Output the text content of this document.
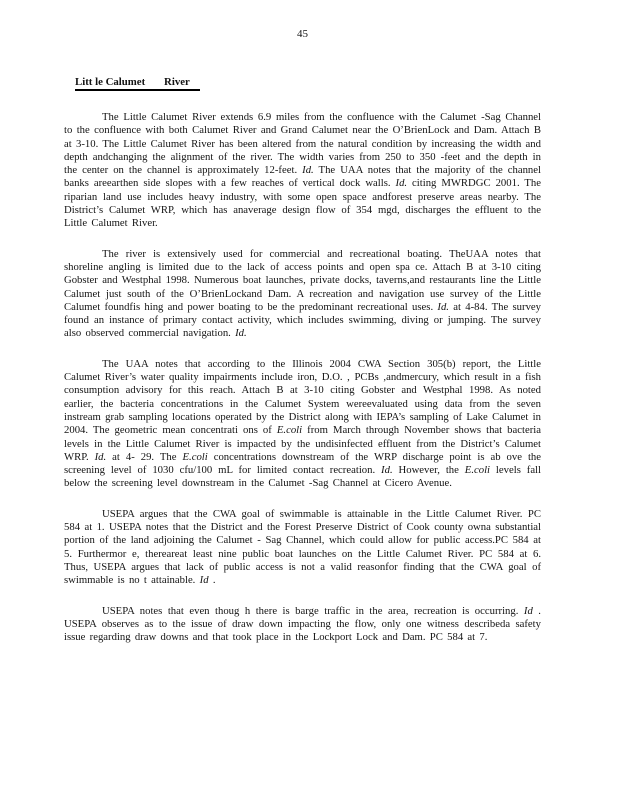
45
Litt le Calumet       River

The Little Calumet River extends 6.9 miles from the confluence with the Calumet -Sag Channel to the confluence with both Calumet River and Grand Calumet near the O’BrienLock and Dam. Attach B at 3-10. The Little Calumet River has been altered from the natural condition by increasing the width and depth andchanging the alignment of the river. The width varies from 250 to 350 -feet and the depth in the center on the channel is approximately 12-feet. Id. The UAA notes that the majority of the channel banks areearthen side slopes with a few reaches of vertical dock walls. Id. citing MWRDGC 2001. The riparian land use includes heavy industry, with some open space andforest preserve areas nearby. The District’s Calumet WRP, which has anaverage design flow of 354 mgd, discharges the effluent to the Little Calumet River.

The river is extensively used for commercial and recreational boating. TheUAA notes that shoreline angling is limited due to the lack of access points and open spa ce. Attach B at 3-10 citing Gobster and Westphal 1998. Numerous boat launches, private docks, taverns,and restaurants line the Little Calumet just south of the O’BrienLockand Dam. A recreation and navigation use survey of the Little Calumet foundfis hing and power boating to be the predominant recreational uses. Id. at 4-84. The survey found an instance of primary contact activity, which includes swimming, diving or jumping. The survey also observed commercial navigation. Id.

The UAA notes that according to the Illinois 2004 CWA Section 305(b) report, the Little Calumet River’s water quality impairments include iron, D.O. , PCBs ,andmercury, which result in a fish consumption advisory for this reach. Attach B at 3-10 citing Gobster and Westphal 1998. As noted earlier, the bacteria concentrations in the Calumet System wereevaluated using data from the seven instream grab sampling locations operated by the District along with IEPA’s sampling of Lake Calumet in 2004. The geometric mean concentrati ons of E.coli from March through November shows that bacteria levels in the Little Calumet River is impacted by the undisinfected effluent from the District’s Calumet WRP. Id. at 4- 29. The E.coli concentrations downstream of the WRP discharge point is ab ove the screening level of 1030 cfu/100 mL for limited contact recreation. Id. However, the E.coli levels fall below the screening level downstream in the Calumet -Sag Channel at Cicero Avenue.

USEPA argues that the CWA goal of swimmable is attainable in the Little Calumet River. PC 584 at 1. USEPA notes that the District and the Forest Preserve District of Cook county owna substantial portion of the land adjoining the Calumet - Sag Channel, which could allow for public access.PC 584 at 5. Furthermor e, thereareat least nine public boat launches on the Little Calumet River. PC 584 at 6. Thus, USEPA argues that lack of public access is not a valid reasonfor finding that the CWA goal of swimmable is no t attainable. Id .

USEPA notes that even thoug h there is barge traffic in the area, recreation is occurring. Id . USEPA observes as to the issue of draw down impacting the flow, only one witness describeda safety issue regarding draw downs and that took place in the Lockport Lock and Dam. PC 584 at 7.
